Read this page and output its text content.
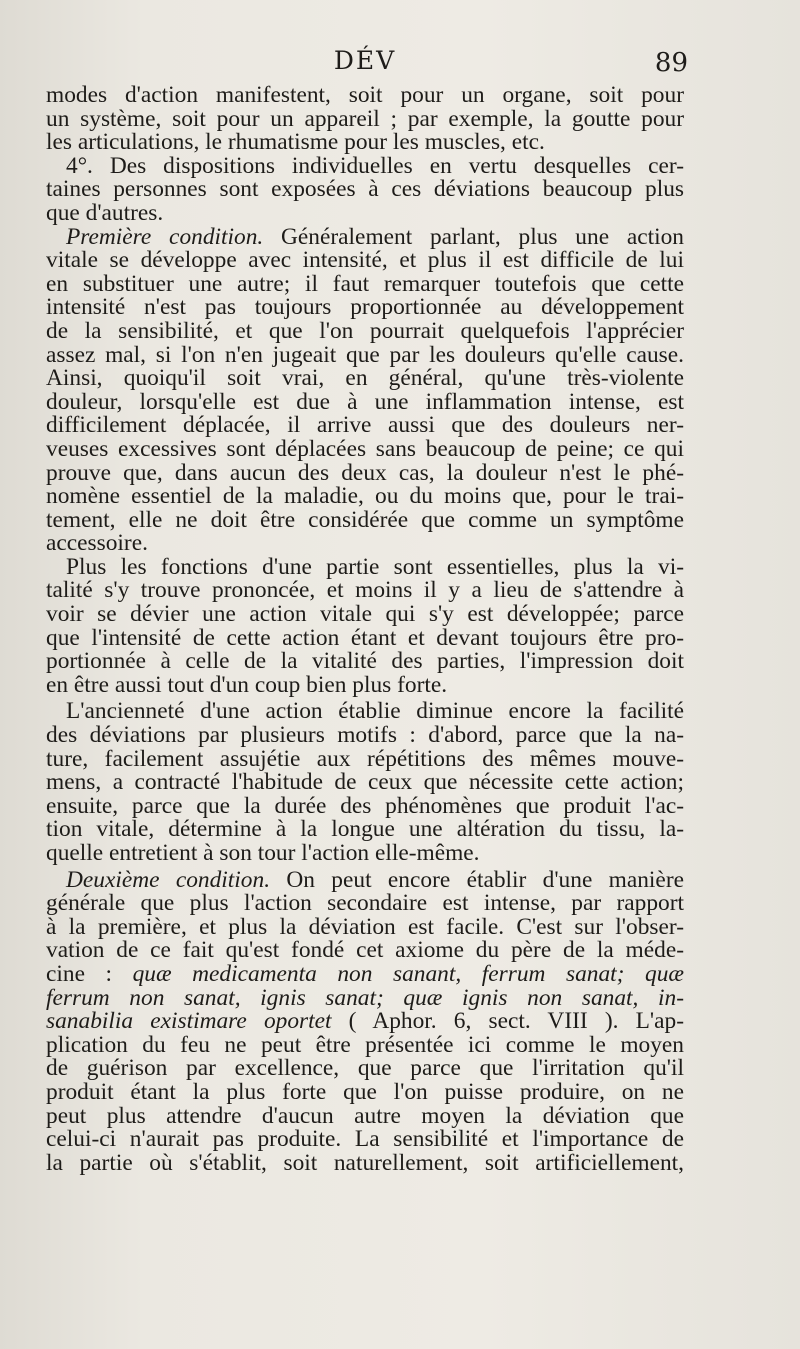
DÉV	89
modes d'action manifestent, soit pour un organe, soit pour
un système, soit pour un appareil ; par exemple, la goutte pour
les articulations, le rhumatisme pour les muscles, etc.
4°. Des dispositions individuelles en vertu desquelles cer-
taines personnes sont exposées à ces déviations beaucoup plus
que d'autres.
Première condition. Généralement parlant, plus une action
vitale se développe avec intensité, et plus il est difficile de lui
en substituer une autre; il faut remarquer toutefois que cette
intensité n'est pas toujours proportionnée au développement
de la sensibilité, et que l'on pourrait quelquefois l'apprécier
assez mal, si l'on n'en jugeait que par les douleurs qu'elle cause.
Ainsi, quoiqu'il soit vrai, en général, qu'une très-violente
douleur, lorsqu'elle est due à une inflammation intense, est
difficilement déplacée, il arrive aussi que des douleurs ner-
veuses excessives sont déplacées sans beaucoup de peine; ce qui
prouve que, dans aucun des deux cas, la douleur n'est le phé-
nomène essentiel de la maladie, ou du moins que, pour le trai-
tement, elle ne doit être considérée que comme un symptôme
accessoire.
Plus les fonctions d'une partie sont essentielles, plus la vi-
talité s'y trouve prononcée, et moins il y a lieu de s'attendre à
voir se dévier une action vitale qui s'y est développée; parce
que l'intensité de cette action étant et devant toujours être pro-
portionnée à celle de la vitalité des parties, l'impression doit
en être aussi tout d'un coup bien plus forte.
L'ancienneté d'une action établie diminue encore la facilité
des déviations par plusieurs motifs : d'abord, parce que la na-
ture, facilement assujétie aux répétitions des mêmes mouve-
mens, a contracté l'habitude de ceux que nécessite cette action;
ensuite, parce que la durée des phénomènes que produit l'ac-
tion vitale, détermine à la longue une altération du tissu, la-
quelle entretient à son tour l'action elle-même.
Deuxième condition. On peut encore établir d'une manière
générale que plus l'action secondaire est intense, par rapport
à la première, et plus la déviation est facile. C'est sur l'obser-
vation de ce fait qu'est fondé cet axiome du père de la méde-
cine : quæ medicamenta non sanant, ferrum sanat; quæ
ferrum non sanat, ignis sanat; quæ ignis non sanat, in-
sanabilia existimare oportet ( Aphor. 6, sect. VIII ). L'ap-
plication du feu ne peut être présentée ici comme le moyen
de guérison par excellence, que parce que l'irritation qu'il
produit étant la plus forte que l'on puisse produire, on ne
peut plus attendre d'aucun autre moyen la déviation que
celui-ci n'aurait pas produite. La sensibilité et l'importance de
la partie où s'établit, soit naturellement, soit artificiellement,
